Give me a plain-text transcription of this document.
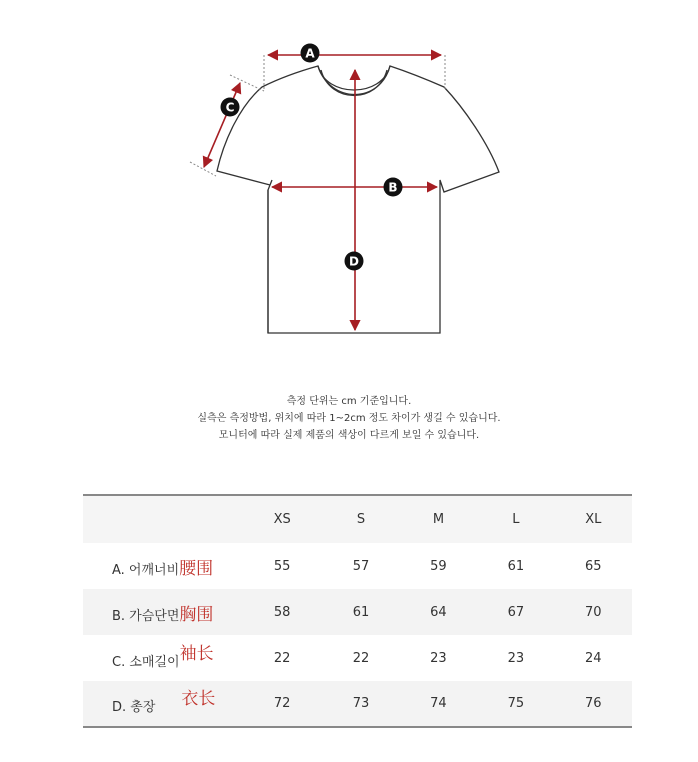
A
B
C
D
측정 단위는 cm 기준입니다.
실측은 측정방법, 위치에 따라 1~2cm 정도 차이가 생길 수 있습니다.
모니터에 따라 실제 제품의 색상이 다르게 보일 수 있습니다.
	XS	S	M	L	XL
A. 어깨너비腰围	55	57	59	61	65
B. 가슴단면胸围	58	61	64	67	70
C. 소매길이袖长	22	22	23	23	24
D. 총장 衣长	72	73	74	75	76
